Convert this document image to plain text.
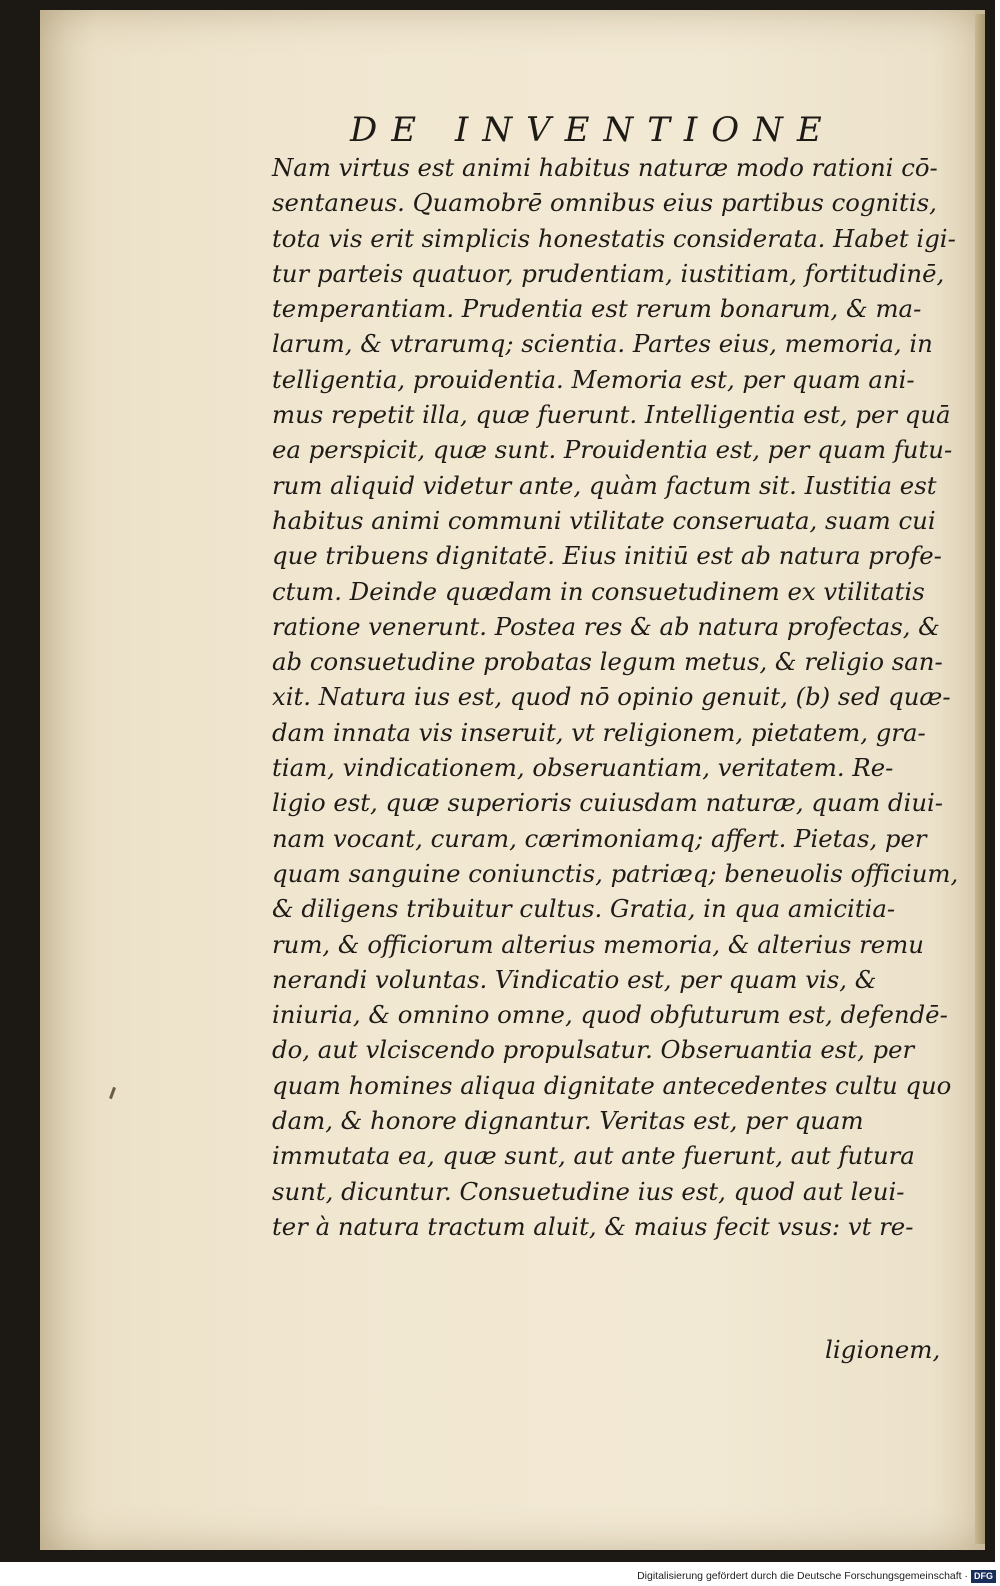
DE INVENTIONE
Nam virtus est animi habitus naturæ modo rationi cō-
sentaneus. Quamobrē omnibus eius partibus cognitis,
tota vis erit simplicis honestatis considerata. Habet igi-
tur parteis quatuor, prudentiam, iustitiam, fortitudinē,
temperantiam. Prudentia est rerum bonarum, & ma-
larum, & vtrarumq; scientia. Partes eius, memoria, in
telligentia, prouidentia. Memoria est, per quam ani-
mus repetit illa, quæ fuerunt. Intelligentia est, per quā
ea perspicit, quæ sunt. Prouidentia est, per quam futu-
rum aliquid videtur ante, quàm factum sit. Iustitia est
habitus animi communi vtilitate conseruata, suam cui
que tribuens dignitatē. Eius initiū est ab natura profe-
ctum. Deinde quædam in consuetudinem ex vtilitatis
ratione venerunt. Postea res & ab natura profectas, &
ab consuetudine probatas legum metus, & religio san-
xit. Natura ius est, quod nō opinio genuit, (b) sed quæ-
dam innata vis inseruit, vt religionem, pietatem, gra-
tiam, vindicationem, obseruantiam, veritatem. Re-
ligio est, quæ superioris cuiusdam naturæ, quam diui-
nam vocant, curam, cærimoniamq; affert. Pietas, per
quam sanguine coniunctis, patriæq; beneuolis officium,
& diligens tribuitur cultus. Gratia, in qua amicitia-
rum, & officiorum alterius memoria, & alterius remu
nerandi voluntas. Vindicatio est, per quam vis, &
iniuria, & omnino omne, quod obfuturum est, defendē-
do, aut vlciscendo propulsatur. Obseruantia est, per
quam homines aliqua dignitate antecedentes cultu quo
dam, & honore dignantur. Veritas est, per quam
immutata ea, quæ sunt, aut ante fuerunt, aut futura
sunt, dicuntur. Consuetudine ius est, quod aut leui-
ter à natura tractum aluit, & maius fecit vsus: vt re-
ligionem,
Digitalisierung gefördert durch die Deutsche Forschungsgemeinschaft · DFG
